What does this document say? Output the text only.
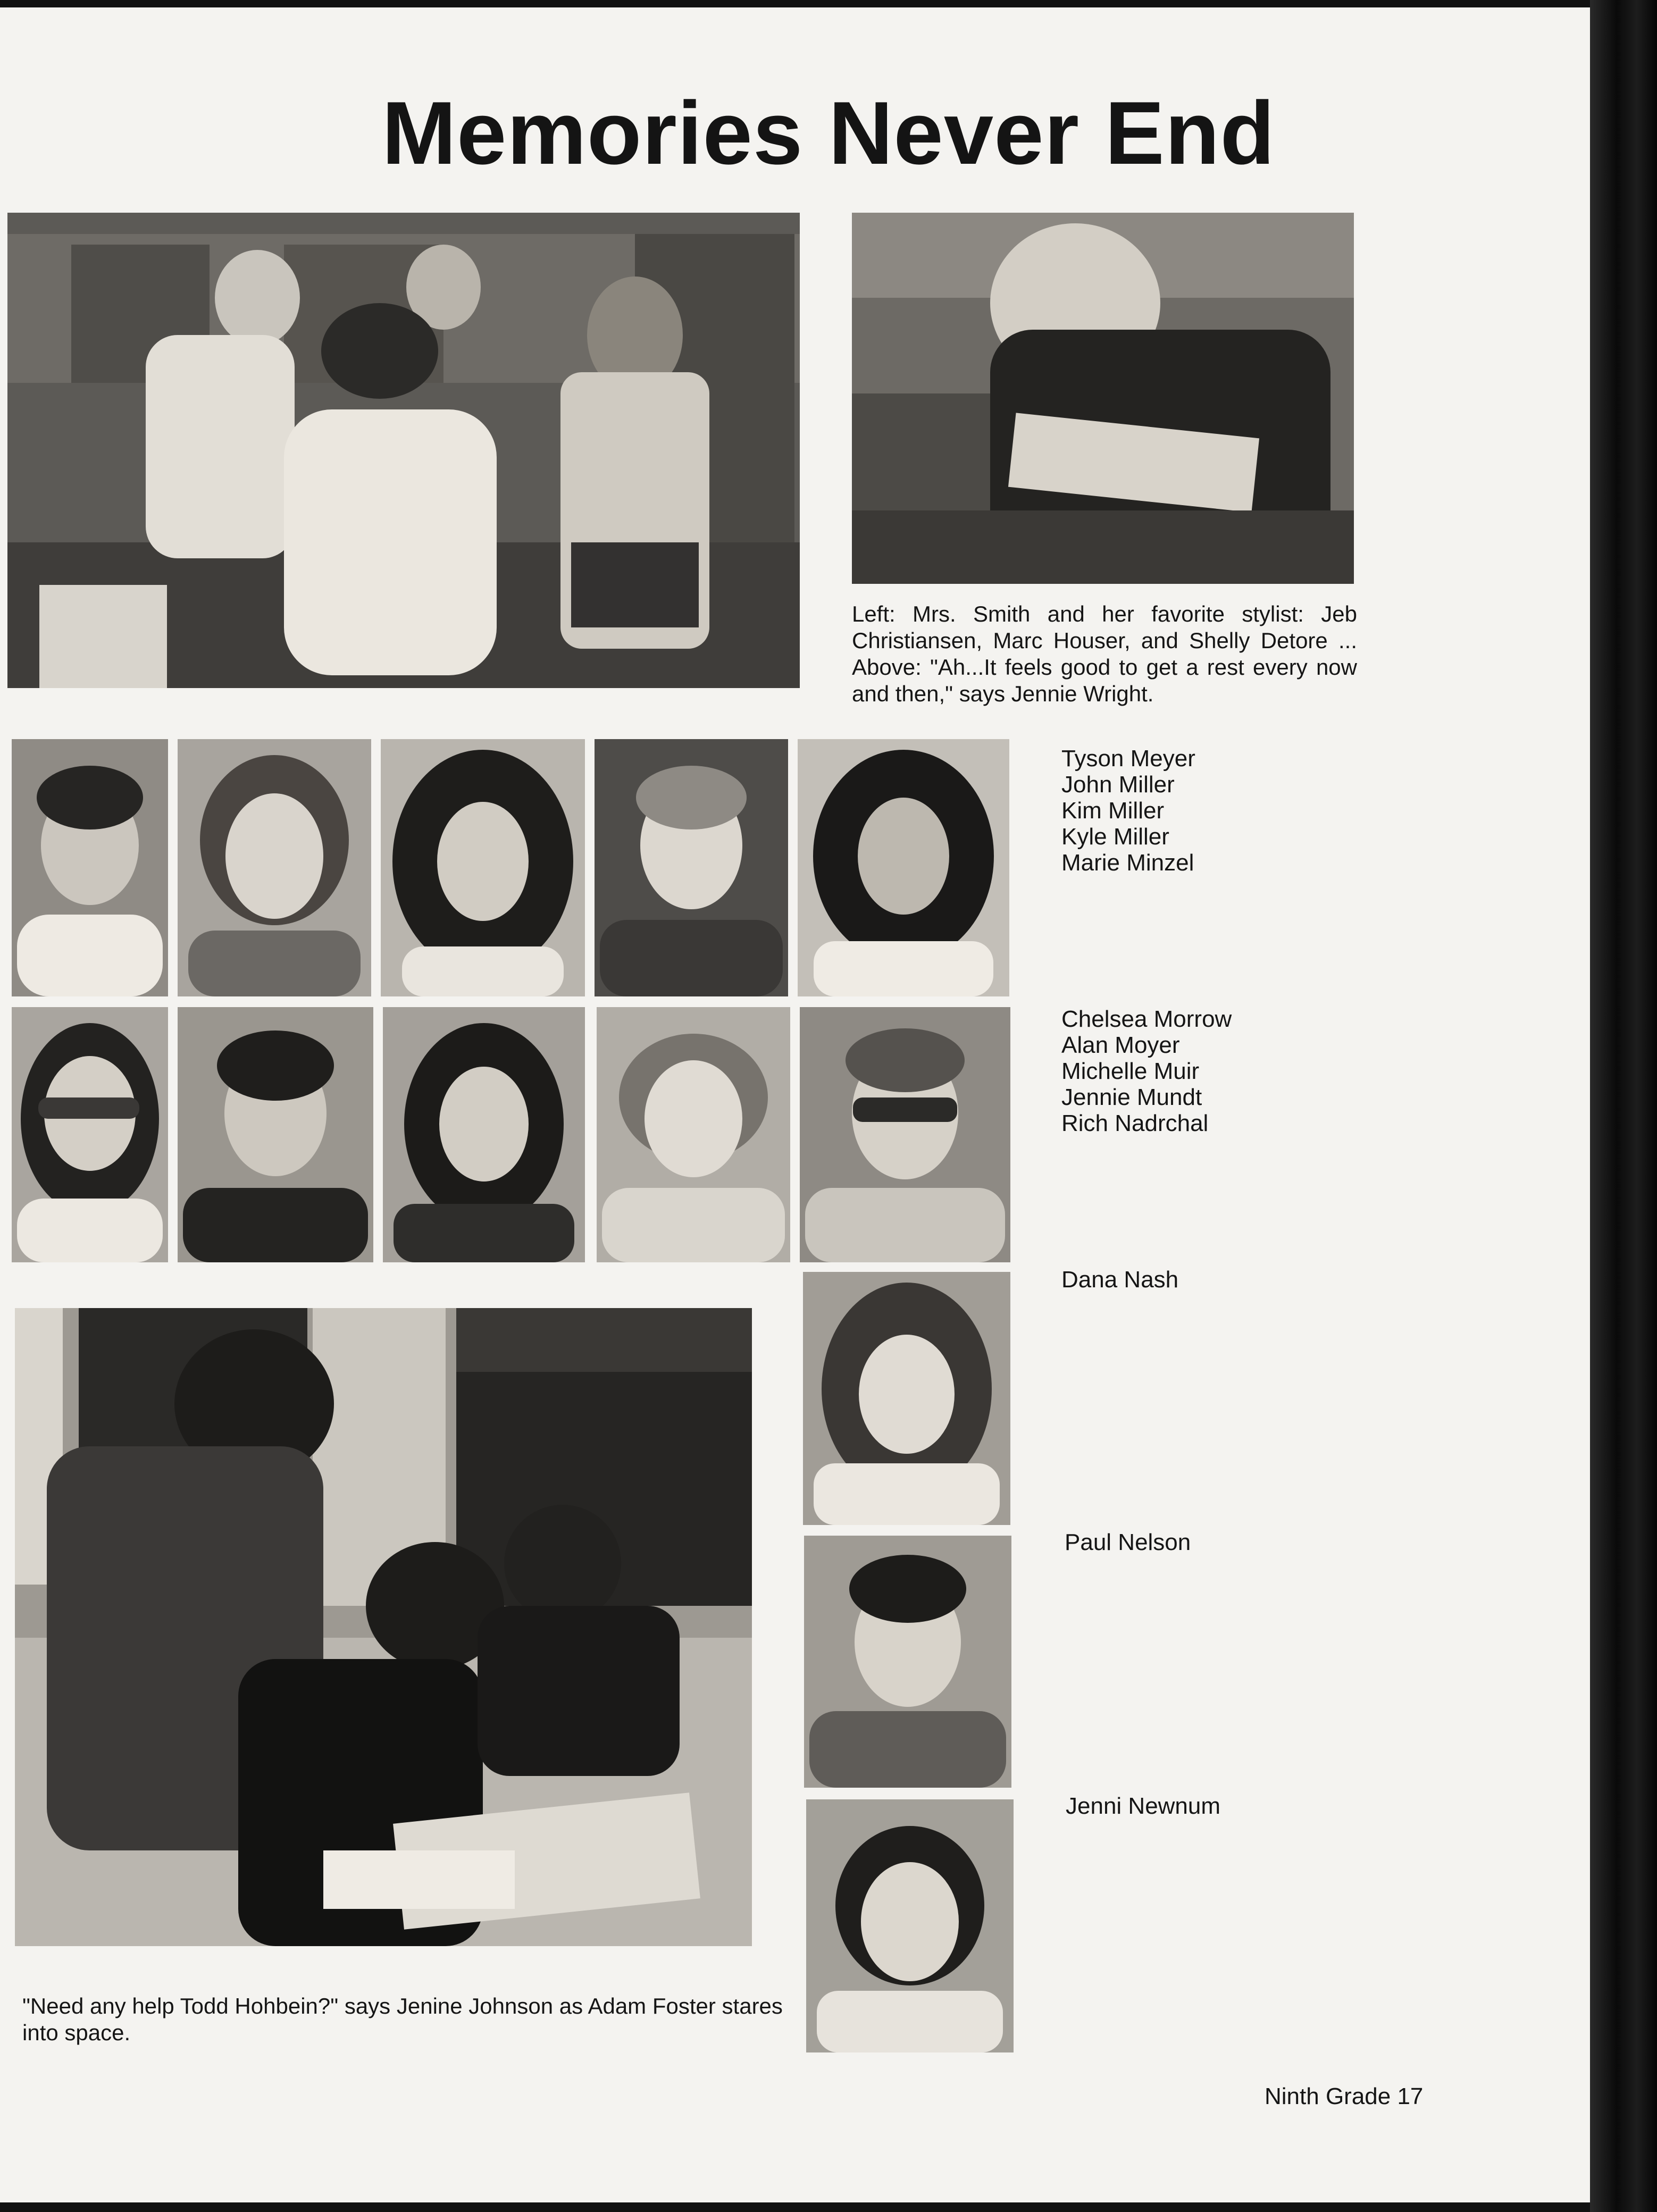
Memories Never End
Left: Mrs. Smith and her favorite stylist: Jeb Christiansen, Marc Houser, and Shelly Detore ... Above: "Ah...It feels good to get a rest every now and then," says Jennie Wright.
Tyson Meyer
John Miller
Kim Miller
Kyle Miller
Marie Minzel
Chelsea Morrow
Alan Moyer
Michelle Muir
Jennie Mundt
Rich Nadrchal
"Need any help Todd Hohbein?" says Jenine Johnson as Adam Foster stares into space.
Dana Nash
Paul Nelson
Jenni Newnum
Ninth Grade 17
